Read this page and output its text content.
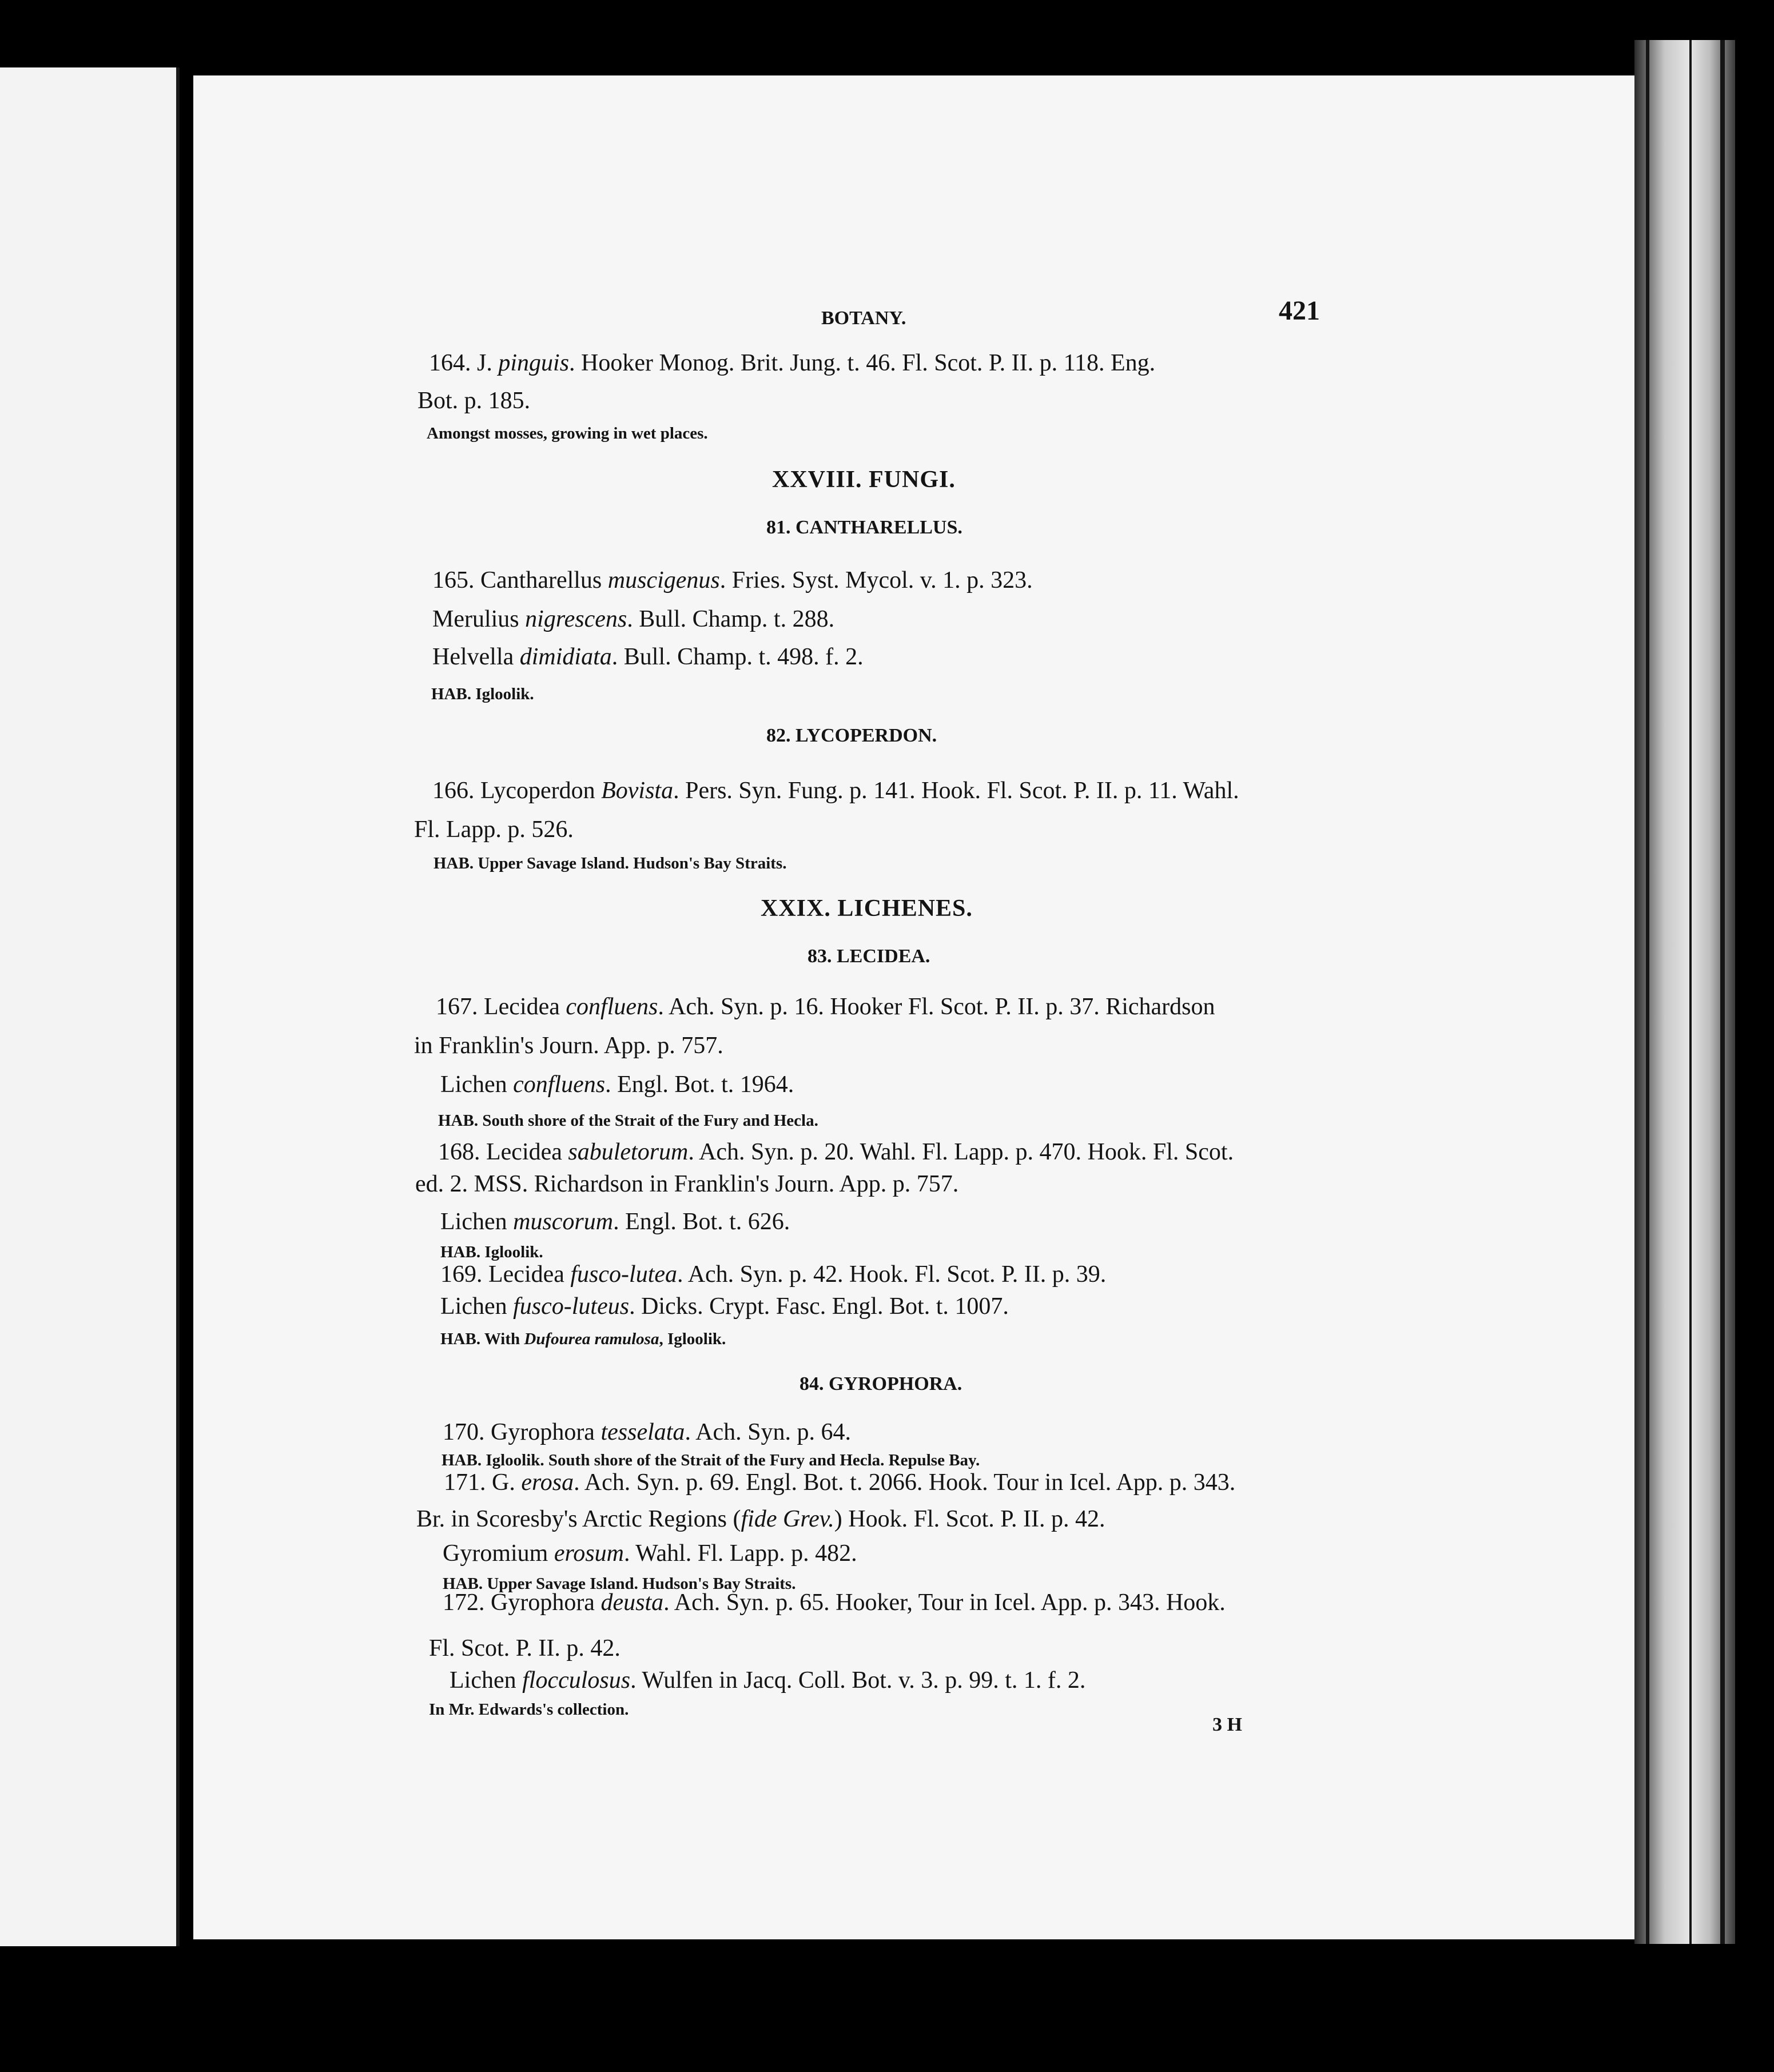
BOTANY.	421
164. J. pinguis. Hooker Monog. Brit. Jung. t. 46. Fl. Scot. P. II. p. 118. Eng.
Bot. p. 185.
Amongst mosses, growing in wet places.
XXVIII. FUNGI.
81. CANTHARELLUS.
165. Cantharellus muscigenus. Fries. Syst. Mycol. v. 1. p. 323.
Merulius nigrescens. Bull. Champ. t. 288.
Helvella dimidiata. Bull. Champ. t. 498. f. 2.
HAB. Igloolik.
82. LYCOPERDON.
166. Lycoperdon Bovista. Pers. Syn. Fung. p. 141. Hook. Fl. Scot. P. II. p. 11. Wahl.
Fl. Lapp. p. 526.
HAB. Upper Savage Island. Hudson's Bay Straits.
XXIX. LICHENES.
83. LECIDEA.
167. Lecidea confluens. Ach. Syn. p. 16. Hooker Fl. Scot. P. II. p. 37. Richardson
in Franklin's Journ. App. p. 757.
Lichen confluens. Engl. Bot. t. 1964.
HAB. South shore of the Strait of the Fury and Hecla.
168. Lecidea sabuletorum. Ach. Syn. p. 20. Wahl. Fl. Lapp. p. 470. Hook. Fl. Scot.
ed. 2. MSS. Richardson in Franklin's Journ. App. p. 757.
Lichen muscorum. Engl. Bot. t. 626.
HAB. Igloolik.
169. Lecidea fusco-lutea. Ach. Syn. p. 42. Hook. Fl. Scot. P. II. p. 39.
Lichen fusco-luteus. Dicks. Crypt. Fasc. Engl. Bot. t. 1007.
HAB. With Dufourea ramulosa, Igloolik.
84. GYROPHORA.
170. Gyrophora tesselata. Ach. Syn. p. 64.
HAB. Igloolik. South shore of the Strait of the Fury and Hecla. Repulse Bay.
171. G. erosa. Ach. Syn. p. 69. Engl. Bot. t. 2066. Hook. Tour in Icel. App. p. 343.
Br. in Scoresby's Arctic Regions (fide Grev.) Hook. Fl. Scot. P. II. p. 42.
Gyromium erosum. Wahl. Fl. Lapp. p. 482.
HAB. Upper Savage Island. Hudson's Bay Straits.
172. Gyrophora deusta. Ach. Syn. p. 65. Hooker, Tour in Icel. App. p. 343. Hook.
Fl. Scot. P. II. p. 42.
Lichen flocculosus. Wulfen in Jacq. Coll. Bot. v. 3. p. 99. t. 1. f. 2.
In Mr. Edwards's collection.
3 H
